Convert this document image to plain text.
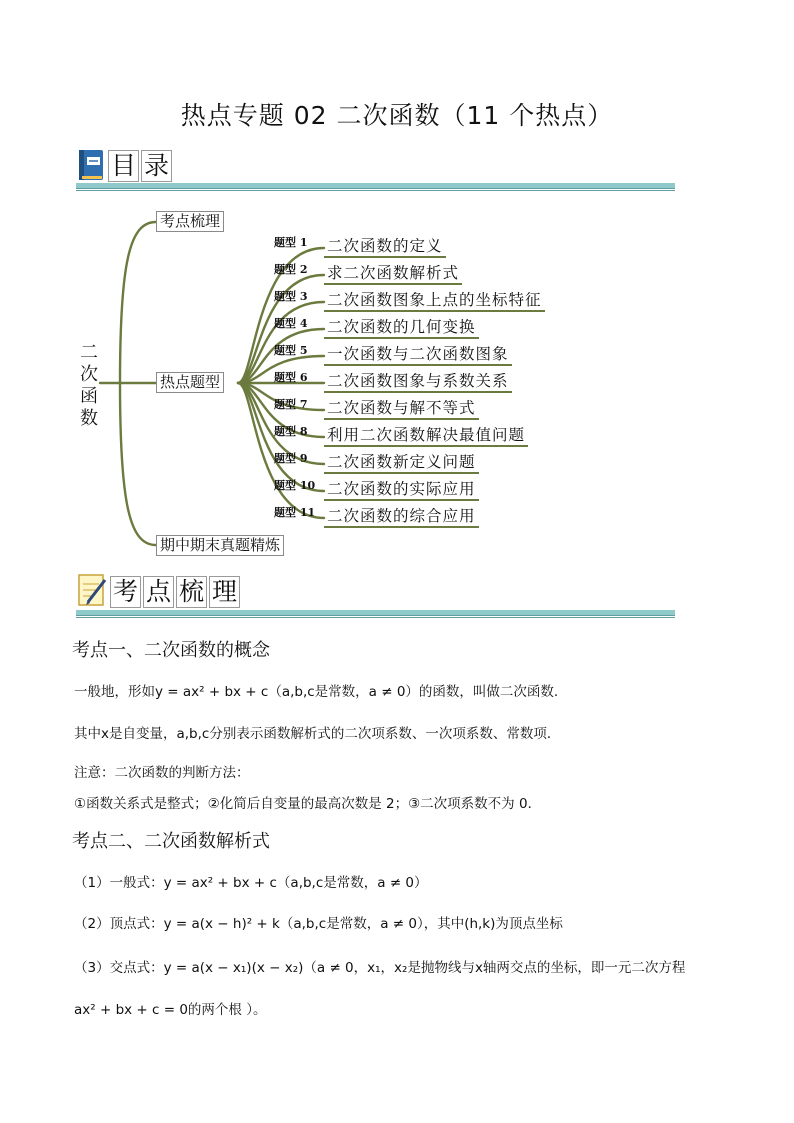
热点专题 02 二次函数（11 个热点）
目 录
二
次
函
数
考点梳理
热点题型
期中期末真题精炼
题型 1
题型 2
题型 3
题型 4
题型 5
题型 6
题型 7
题型 8
题型 9
题型 10
题型 11
二次函数的定义
求二次函数解析式
二次函数图象上点的坐标特征
二次函数的几何变换
一次函数与二次函数图象
二次函数图象与系数关系
二次函数与解不等式
利用二次函数解决最值问题
二次函数新定义问题
二次函数的实际应用
二次函数的综合应用
考 点 梳 理
考点一、二次函数的概念
一般地，形如y = ax² + bx + c（a,b,c是常数，a ≠ 0）的函数，叫做二次函数.
其中x是自变量，a,b,c分别表示函数解析式的二次项系数、一次项系数、常数项．
注意：二次函数的判断方法：
①函数关系式是整式；②化简后自变量的最高次数是 2；③二次项系数不为 0．
考点二、二次函数解析式
（1）一般式：y = ax² + bx + c（a,b,c是常数，a ≠ 0）
（2）顶点式：y = a(x − h)² + k（a,b,c是常数，a ≠ 0），其中(h,k)为顶点坐标
（3）交点式：y = a(x − x₁)(x − x₂)（a ≠ 0，x₁，x₂是抛物线与x轴两交点的坐标，即一元二次方程
ax² + bx + c = 0的两个根 ）。
